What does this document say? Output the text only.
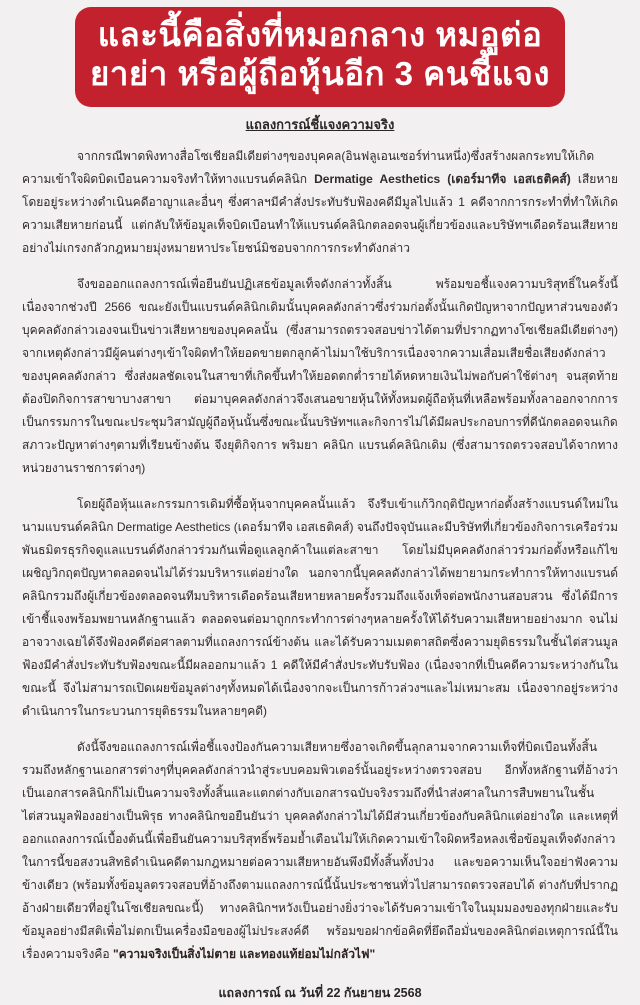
และนี้คือสิ่งที่หมอกลาง หมอูต่อ
ยาย่า หรือผู้ถือหุ้นอีก 3 คนชี้แจง
แถลงการณ์ชี้แจงความจริง

จากกรณีพาดพิงทางสื่อโซเชียลมีเดียต่างๆของบุคคล(อินฟลูเอนเซอร์ท่านหนึ่ง)ซึ่งสร้างผลกระทบให้เกิดความเข้าใจผิดบิดเบือนความจริงทำให้ทางแบรนด์คลินิก Dermatige Aesthetics (เดอร์มาทีจ เอสเธติคส์) เสียหายโดยอยู่ระหว่างดำเนินคดีอาญาและอื่นๆ ซึ่งศาลฯมีคำสั่งประทับรับฟ้องคดีมีมูลไปแล้ว 1 คดีจากการกระทำที่ทำให้เกิดความเสียหายก่อนนี้ แต่กลับให้ข้อมูลเท็จบิดเบือนทำให้แบรนด์คลินิกตลอดจนผู้เกี่ยวข้องและบริษัทฯเดือดร้อนเสียหายอย่างไม่เกรงกลัวกฎหมายมุ่งหมายหาประโยชน์มิชอบจากการกระทำดังกล่าว

จึงขอออกแถลงการณ์เพื่อยืนยันปฏิเสธข้อมูลเท็จดังกล่าวทั้งสิ้น พร้อมขอชี้แจงความบริสุทธิ์ในครั้งนี้ เนื่องจากช่วงปี 2566 ขณะยังเป็นแบรนด์คลินิกเดิมนั้นบุคคลดังกล่าวซึ่งร่วมก่อตั้งนั้นเกิดปัญหาจากปัญหาส่วนของตัวบุคคลดังกล่าวเองจนเป็นข่าวเสียหายของบุคคลนั้น (ซึ่งสามารถตรวจสอบข่าวได้ตามที่ปรากฏทางโซเชียลมีเดียต่างๆ) จากเหตุดังกล่าวมีผู้คนต่างๆเข้าใจผิดทำให้ยอดขายตกลูกค้าไม่มาใช้บริการเนื่องจากความเสื่อมเสียชื่อเสียงดังกล่าวของบุคคลดังกล่าว ซึ่งส่งผลชัดเจนในสาขาที่เกิดขึ้นทำให้ยอดตกต่ำรายได้หดหายเงินไม่พอกับค่าใช้ต่างๆ จนสุดท้ายต้องปิดกิจการสาขาบางสาขา ต่อมาบุคคลดังกล่าวจึงเสนอขายหุ้นให้ทั้งหมดผู้ถือหุ้นที่เหลือพร้อมทั้งลาออกจากการเป็นกรรมการในขณะประชุมวิสามัญผู้ถือหุ้นนั้นซึ่งขณะนั้นบริษัทฯและกิจการไม่ได้มีผลประกอบการที่ดีนักตลอดจนเกิดสภาวะปัญหาต่างๆตามที่เรียนข้างต้น จึงยุติกิจการ พริมยา คลินิก แบรนด์คลินิกเดิม (ซึ่งสามารถตรวจสอบได้จากทางหน่วยงานราชการต่างๆ)

โดยผู้ถือหุ้นและกรรมการเดิมที่ซื้อหุ้นจากบุคคลนั้นแล้ว จึงรีบเข้าแก้วิกฤติปัญหาก่อตั้งสร้างแบรนด์ใหม่ในนามแบรนด์คลินิก Dermatige Aesthetics (เดอร์มาทีจ เอสเธติคส์) จนถึงปัจจุบันและมีบริษัทที่เกี่ยวข้องกิจการเครือร่วมพันธมิตรธุรกิจดูแลแบรนด์ดังกล่าวร่วมกันเพื่อดูแลลูกค้าในแต่ละสาขา โดยไม่มีบุคคลดังกล่าวร่วมก่อตั้งหรือแก้ไขเผชิญวิกฤตปัญหาตลอดจนไม่ได้ร่วมบริหารแต่อย่างใด นอกจากนี้บุคคลดังกล่าวได้พยายามกระทำการให้ทางแบรนด์คลินิกรวมถึงผู้เกี่ยวข้องตลอดจนทีมบริหารเดือดร้อนเสียหายหลายครั้งรวมถึงแจ้งเท็จต่อพนักงานสอบสวน ซึ่งได้มีการเข้าชี้แจงพร้อมพยานหลักฐานแล้ว ตลอดจนต่อมาถูกกระทำการต่างๆหลายครั้งให้ได้รับความเสียหายอย่างมาก จนไม่อาจวางเฉยได้จึงฟ้องคดีต่อศาลตามที่แถลงการณ์ข้างต้น และได้รับความเมตตาสถิตซึ่งความยุติธรรมในชั้นไต่สวนมูลฟ้องมีคำสั่งประทับรับฟ้องขณะนี้มีผลออกมาแล้ว 1 คดีให้มีคำสั่งประทับรับฟ้อง (เนื่องจากที่เป็นคดีความระหว่างกันในขณะนี้ จึงไม่สามารถเปิดเผยข้อมูลต่างๆทั้งหมดได้เนื่องจากจะเป็นการก้าวล่วงฯและไม่เหมาะสม เนื่องจากอยู่ระหว่างดำเนินการในกระบวนการยุติธรรมในหลายๆคดี)

ดังนี้จึงขอแถลงการณ์เพื่อชี้แจงป้องกันความเสียหายซึ่งอาจเกิดขึ้นลุกลามจากความเท็จที่บิดเบือนทั้งสิ้น รวมถึงหลักฐานเอกสารต่างๆที่บุคคลดังกล่าวนำสู่ระบบคอมพิวเตอร์นั้นอยู่ระหว่างตรวจสอบ อีกทั้งหลักฐานที่อ้างว่าเป็นเอกสารคลินิกก็ไม่เป็นความจริงทั้งสิ้นและแตกต่างกับเอกสารฉบับจริงรวมถึงที่นำส่งศาลในการสืบพยานในชั้นไต่สวนมูลฟ้องอย่างเป็นพิรุธ ทางคลินิกขอยืนยันว่า บุคคลดังกล่าวไม่ได้มีส่วนเกี่ยวข้องกับคลินิกแต่อย่างใด และเหตุที่ออกแถลงการณ์เบื้องต้นนี้เพื่อยืนยันความบริสุทธิ์พร้อมย้ำเตือนไม่ให้เกิดความเข้าใจผิดหรือหลงเชื่อข้อมูลเท็จดังกล่าว ในการนี้ขอสงวนสิทธิดำเนินคดีตามกฎหมายต่อความเสียหายอันพึงมีทั้งสิ้นทั้งปวง และขอความเห็นใจอย่าฟังความข้างเดียว (พร้อมทั้งข้อมูลตรวจสอบที่อ้างถึงตามแถลงการณ์นี้นั้นประชาชนทั่วไปสามารถตรวจสอบได้ ต่างกับที่ปรากฏอ้างฝ่ายเดียวที่อยู่ในโซเชียลขณะนี้) ทางคลินิกฯหวังเป็นอย่างยิ่งว่าจะได้รับความเข้าใจในมุมมองของทุกฝ่ายและรับข้อมูลอย่างมีสติเพื่อไม่ตกเป็นเครื่องมือของผู้ไม่ประสงค์ดี พร้อมขอฝากข้อคิดที่ยึดถือมั่นของคลินิกต่อเหตุการณ์นี้ในเรื่องความจริงคือ "ความจริงเป็นสิ่งไม่ตาย และทองแท้ย่อมไม่กลัวไฟ"

แถลงการณ์ ณ วันที่ 22 กันยายน 2568
